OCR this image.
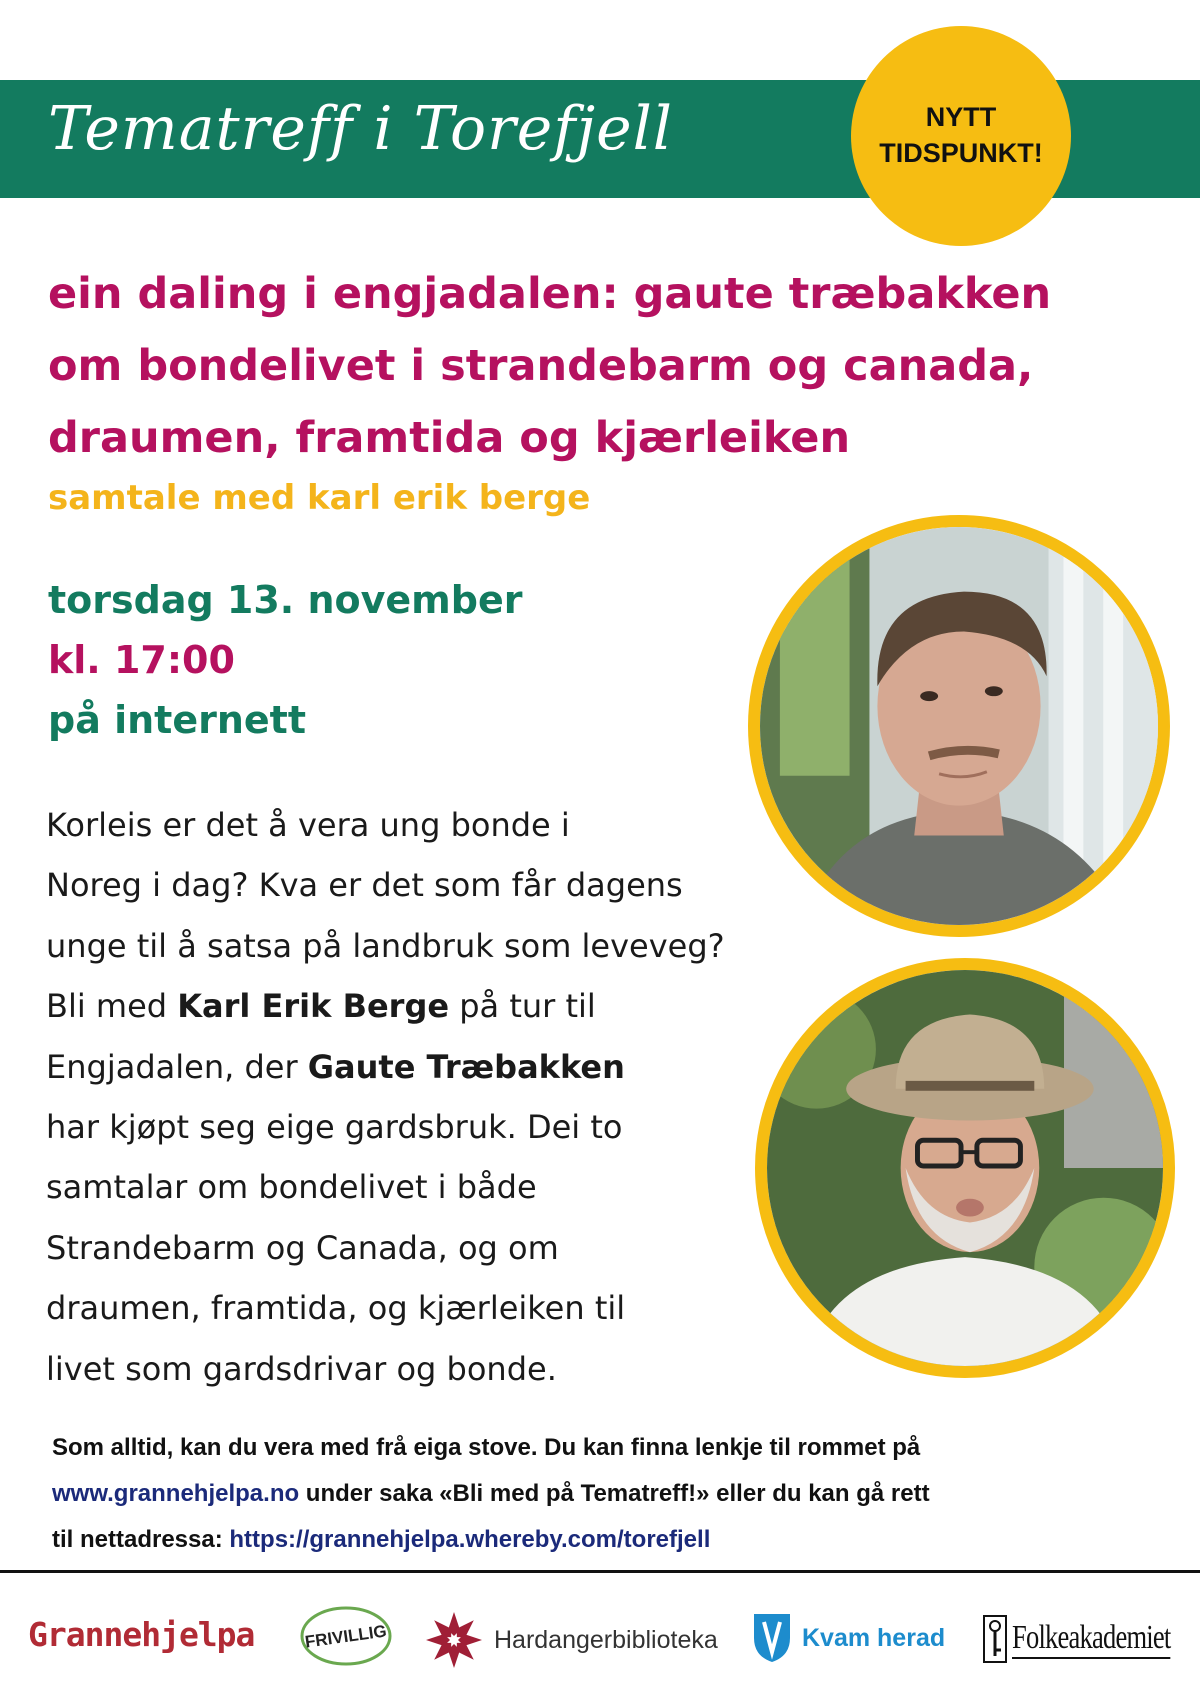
Tematreff i Torefjell	NYTT
TIDSPUNKT!
ein daling i engjadalen: gaute træbakken
om bondelivet i strandebarm og canada,
draumen, framtida og kjærleiken
samtale med karl erik berge
torsdag 13. november
kl. 17:00
på internett
Korleis er det å vera ung bonde i
Noreg i dag? Kva er det som får dagens
unge til å satsa på landbruk som leveveg?
Bli med Karl Erik Berge på tur til
Engjadalen, der Gaute Træbakken
har kjøpt seg eige gardsbruk. Dei to
samtalar om bondelivet i både
Strandebarm og Canada, og om
draumen, framtida, og kjærleiken til
livet som gardsdrivar og bonde.
Som alltid, kan du vera med frå eiga stove. Du kan finna lenkje til rommet på
www.grannehjelpa.no under saka «Bli med på Tematreff!» eller du kan gå rett
til nettadressa: https://grannehjelpa.whereby.com/torefjell
Grannehjelpa	FRIVILLIG	Hardangerbiblioteka	Kvam herad Folkeakademiet
